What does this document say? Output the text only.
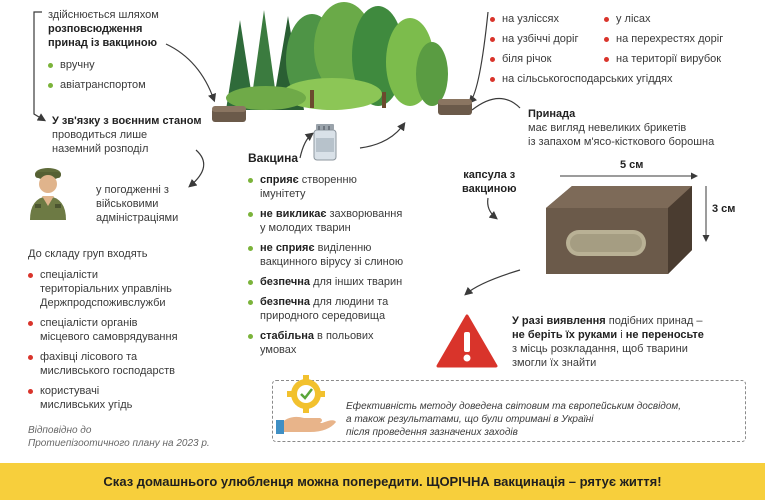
здійснюється шляхом
розповсюдження
принад із вакциною
вручну
авіатранспортом
У зв'язку з воєнним станом
проводиться лише
наземний розподіл
у погодженні з
військовими
адміністраціями
До складу груп входять
спеціалісти
територіальних управлінь
Держпродспоживслужби
спеціалісти органів
місцевого самоврядування
фахівці лісового та
мисливського господарств
користувачі
мисливських угідь
Відповідно до
Протиепізоотичного плану на 2023 р.
на узліссях
на узбіччі доріг
біля річок
на сільськогосподарських угіддях
у лісах
на перехрестях доріг
на території вирубок
Принада
має вигляд невеликих брикетів
із запахом м'ясо-кісткового борошна
Вакцина
сприяє створенню
імунітету
не викликає захворювання
у молодих тварин
не сприяє виділенню
вакцинного вірусу зі слиною
безпечна для інших тварин
безпечна для людини та
природного середовища
стабільна в польових
умовах
капсула з
вакциною
5 см
3 см
У разі виявлення подібних принад –
не беріть їх руками і не переносьте
з місць розкладання, щоб тварини
змогли їх знайти
Ефективність методу доведена світовим та європейським досвідом,
а також результатами, що були отримані в Україні
після проведення зазначених заходів
Сказ домашнього улюбленця можна попередити. ЩОРІЧНА вакцинація – рятує життя!
